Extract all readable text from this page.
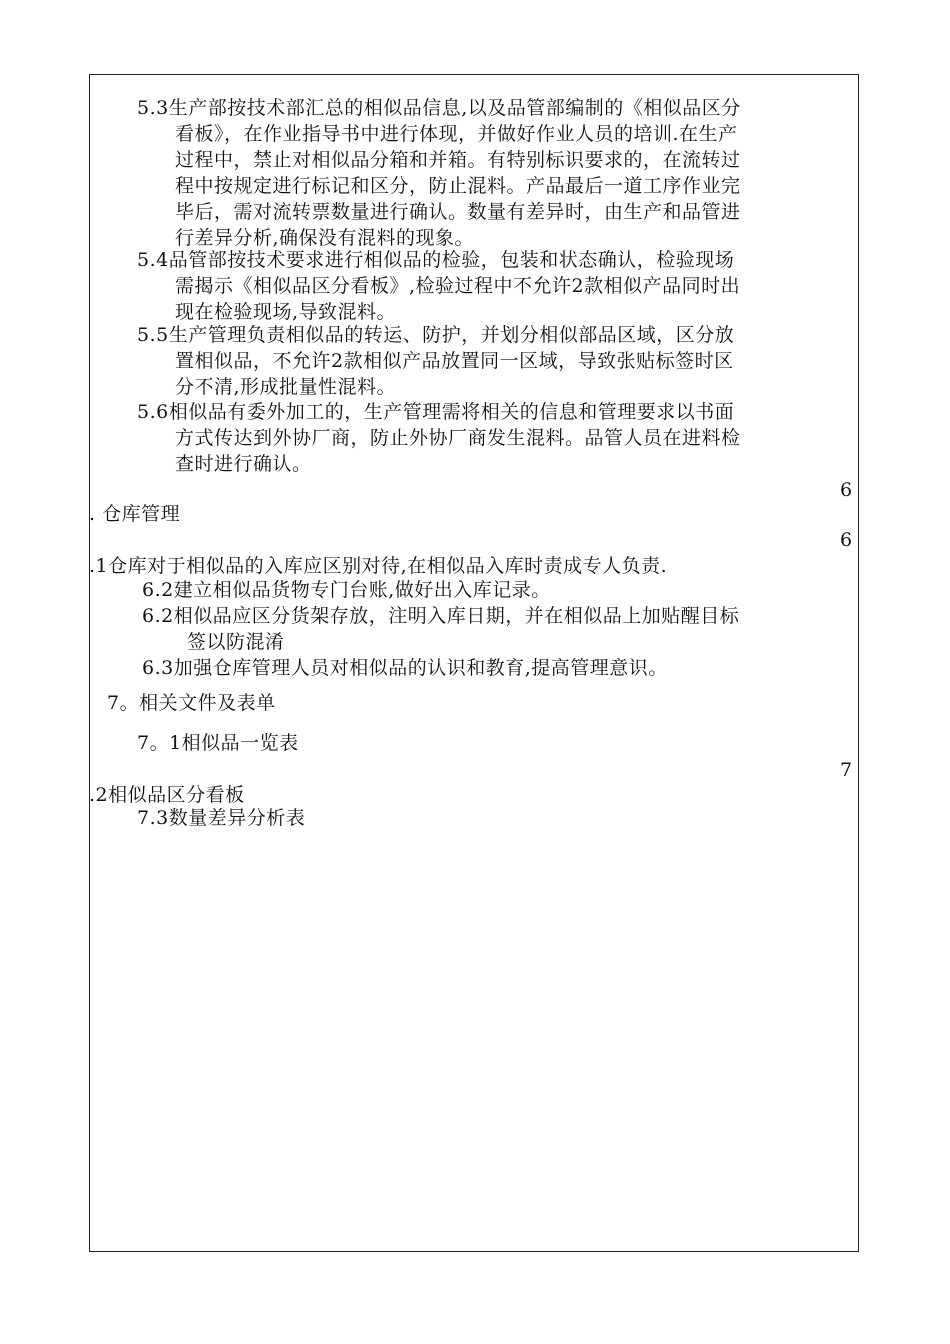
5.3生产部按技术部汇总的相似品信息,以及品管部编制的《相似品区分
看板》，在作业指导书中进行体现，并做好作业人员的培训.在生产
过程中，禁止对相似品分箱和并箱。有特别标识要求的，在流转过
程中按规定进行标记和区分，防止混料。产品最后一道工序作业完
毕后，需对流转票数量进行确认。数量有差异时，由生产和品管进
行差异分析,确保没有混料的现象。
5.4品管部按技术要求进行相似品的检验，包装和状态确认，检验现场
需揭示《相似品区分看板》,检验过程中不允许2款相似产品同时出
现在检验现场,导致混料。
5.5生产管理负责相似品的转运、防护，并划分相似部品区域，区分放
置相似品，不允许2款相似产品放置同一区域，导致张贴标签时区
分不清,形成批量性混料。
5.6相似品有委外加工的，生产管理需将相关的信息和管理要求以书面
方式传达到外协厂商，防止外协厂商发生混料。品管人员在进料检
查时进行确认。
6
. 仓库管理
6
.1仓库对于相似品的入库应区别对待,在相似品入库时责成专人负责.
6.2建立相似品货物专门台账,做好出入库记录。
6.2相似品应区分货架存放，注明入库日期，并在相似品上加贴醒目标
签以防混淆
6.3加强仓库管理人员对相似品的认识和教育,提高管理意识。
7。相关文件及表单
7。1相似品一览表
7
.2相似品区分看板
7.3数量差异分析表
